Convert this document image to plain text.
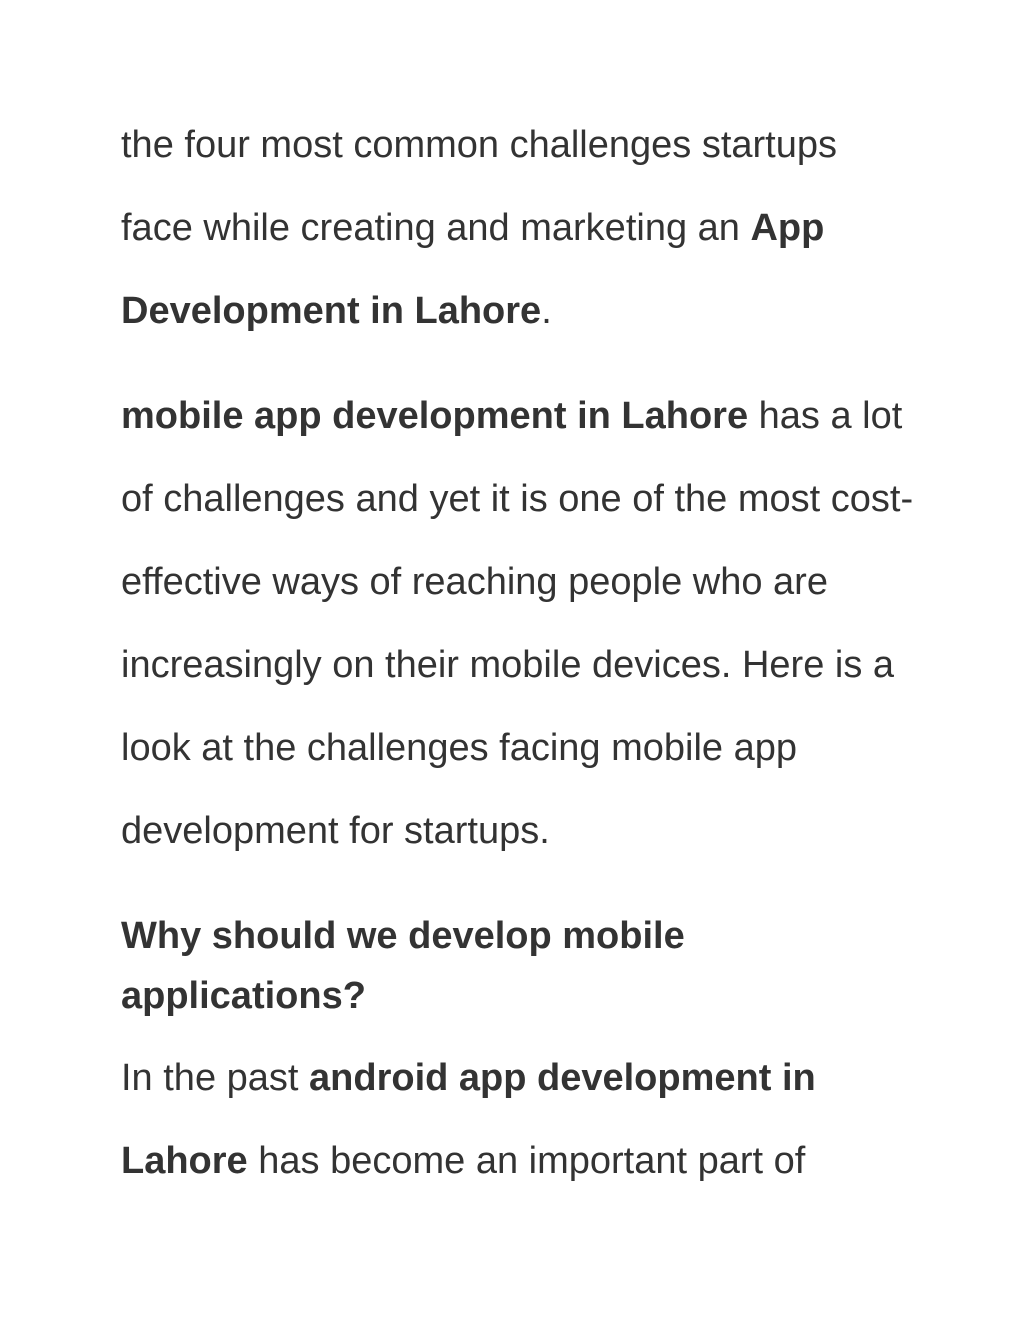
the four most common challenges startups face while creating and marketing an App Development in Lahore.

mobile app development in Lahore has a lot of challenges and yet it is one of the most cost-effective ways of reaching people who are increasingly on their mobile devices. Here is a look at the challenges facing mobile app development for startups.

Why should we develop mobile applications?

In the past android app development in Lahore has become an important part of
